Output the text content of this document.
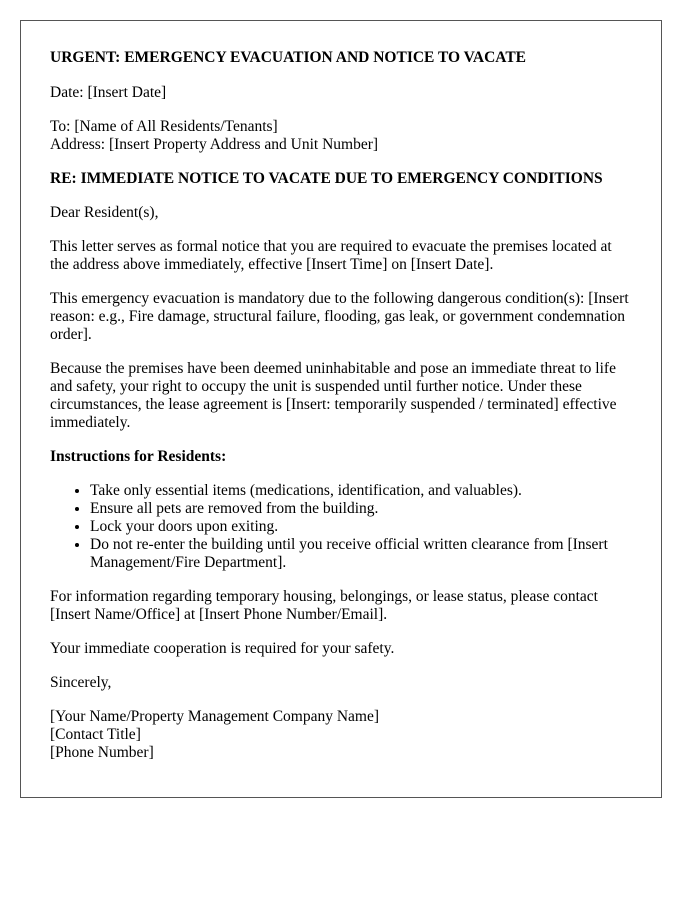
URGENT: EMERGENCY EVACUATION AND NOTICE TO VACATE
Date: [Insert Date]
To: [Name of All Residents/Tenants]
Address: [Insert Property Address and Unit Number]
RE: IMMEDIATE NOTICE TO VACATE DUE TO EMERGENCY CONDITIONS
Dear Resident(s),
This letter serves as formal notice that you are required to evacuate the premises located at the address above immediately, effective [Insert Time] on [Insert Date].
This emergency evacuation is mandatory due to the following dangerous condition(s): [Insert reason: e.g., Fire damage, structural failure, flooding, gas leak, or government condemnation order].
Because the premises have been deemed uninhabitable and pose an immediate threat to life and safety, your right to occupy the unit is suspended until further notice. Under these circumstances, the lease agreement is [Insert: temporarily suspended / terminated] effective immediately.
Instructions for Residents:
• Take only essential items (medications, identification, and valuables).
• Ensure all pets are removed from the building.
• Lock your doors upon exiting.
• Do not re-enter the building until you receive official written clearance from [Insert Management/Fire Department].
For information regarding temporary housing, belongings, or lease status, please contact [Insert Name/Office] at [Insert Phone Number/Email].
Your immediate cooperation is required for your safety.
Sincerely,
[Your Name/Property Management Company Name]
[Contact Title]
[Phone Number]
